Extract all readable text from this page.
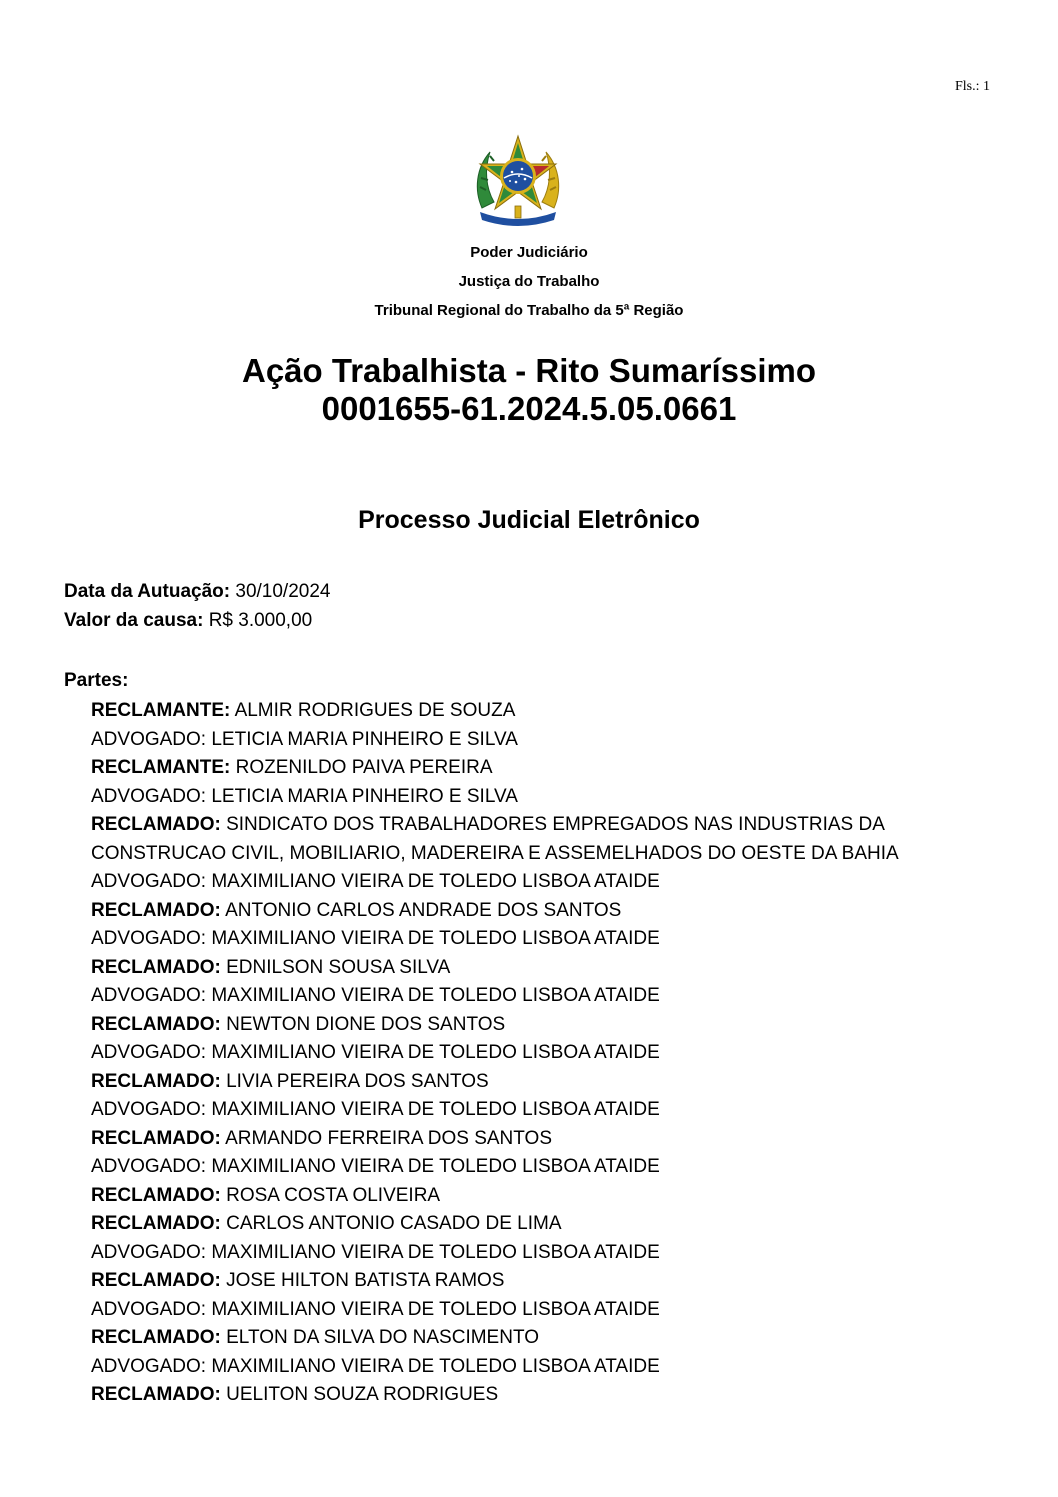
Fls.: 1
Poder Judiciário
Justiça do Trabalho
Tribunal Regional do Trabalho da 5ª Região
Ação Trabalhista - Rito Sumaríssimo
0001655-61.2024.5.05.0661
Processo Judicial Eletrônico
Data da Autuação: 30/10/2024
Valor da causa: R$ 3.000,00
Partes:
RECLAMANTE: ALMIR RODRIGUES DE SOUZA
ADVOGADO: LETICIA MARIA PINHEIRO E SILVA
RECLAMANTE: ROZENILDO PAIVA PEREIRA
ADVOGADO: LETICIA MARIA PINHEIRO E SILVA
RECLAMADO: SINDICATO DOS TRABALHADORES EMPREGADOS NAS INDUSTRIAS DA CONSTRUCAO CIVIL, MOBILIARIO, MADEREIRA E ASSEMELHADOS DO OESTE DA BAHIA
ADVOGADO: MAXIMILIANO VIEIRA DE TOLEDO LISBOA ATAIDE
RECLAMADO: ANTONIO CARLOS ANDRADE DOS SANTOS
ADVOGADO: MAXIMILIANO VIEIRA DE TOLEDO LISBOA ATAIDE
RECLAMADO: EDNILSON SOUSA SILVA
ADVOGADO: MAXIMILIANO VIEIRA DE TOLEDO LISBOA ATAIDE
RECLAMADO: NEWTON DIONE DOS SANTOS
ADVOGADO: MAXIMILIANO VIEIRA DE TOLEDO LISBOA ATAIDE
RECLAMADO: LIVIA PEREIRA DOS SANTOS
ADVOGADO: MAXIMILIANO VIEIRA DE TOLEDO LISBOA ATAIDE
RECLAMADO: ARMANDO FERREIRA DOS SANTOS
ADVOGADO: MAXIMILIANO VIEIRA DE TOLEDO LISBOA ATAIDE
RECLAMADO: ROSA COSTA OLIVEIRA
RECLAMADO: CARLOS ANTONIO CASADO DE LIMA
ADVOGADO: MAXIMILIANO VIEIRA DE TOLEDO LISBOA ATAIDE
RECLAMADO: JOSE HILTON BATISTA RAMOS
ADVOGADO: MAXIMILIANO VIEIRA DE TOLEDO LISBOA ATAIDE
RECLAMADO: ELTON DA SILVA DO NASCIMENTO
ADVOGADO: MAXIMILIANO VIEIRA DE TOLEDO LISBOA ATAIDE
RECLAMADO: UELITON SOUZA RODRIGUES
